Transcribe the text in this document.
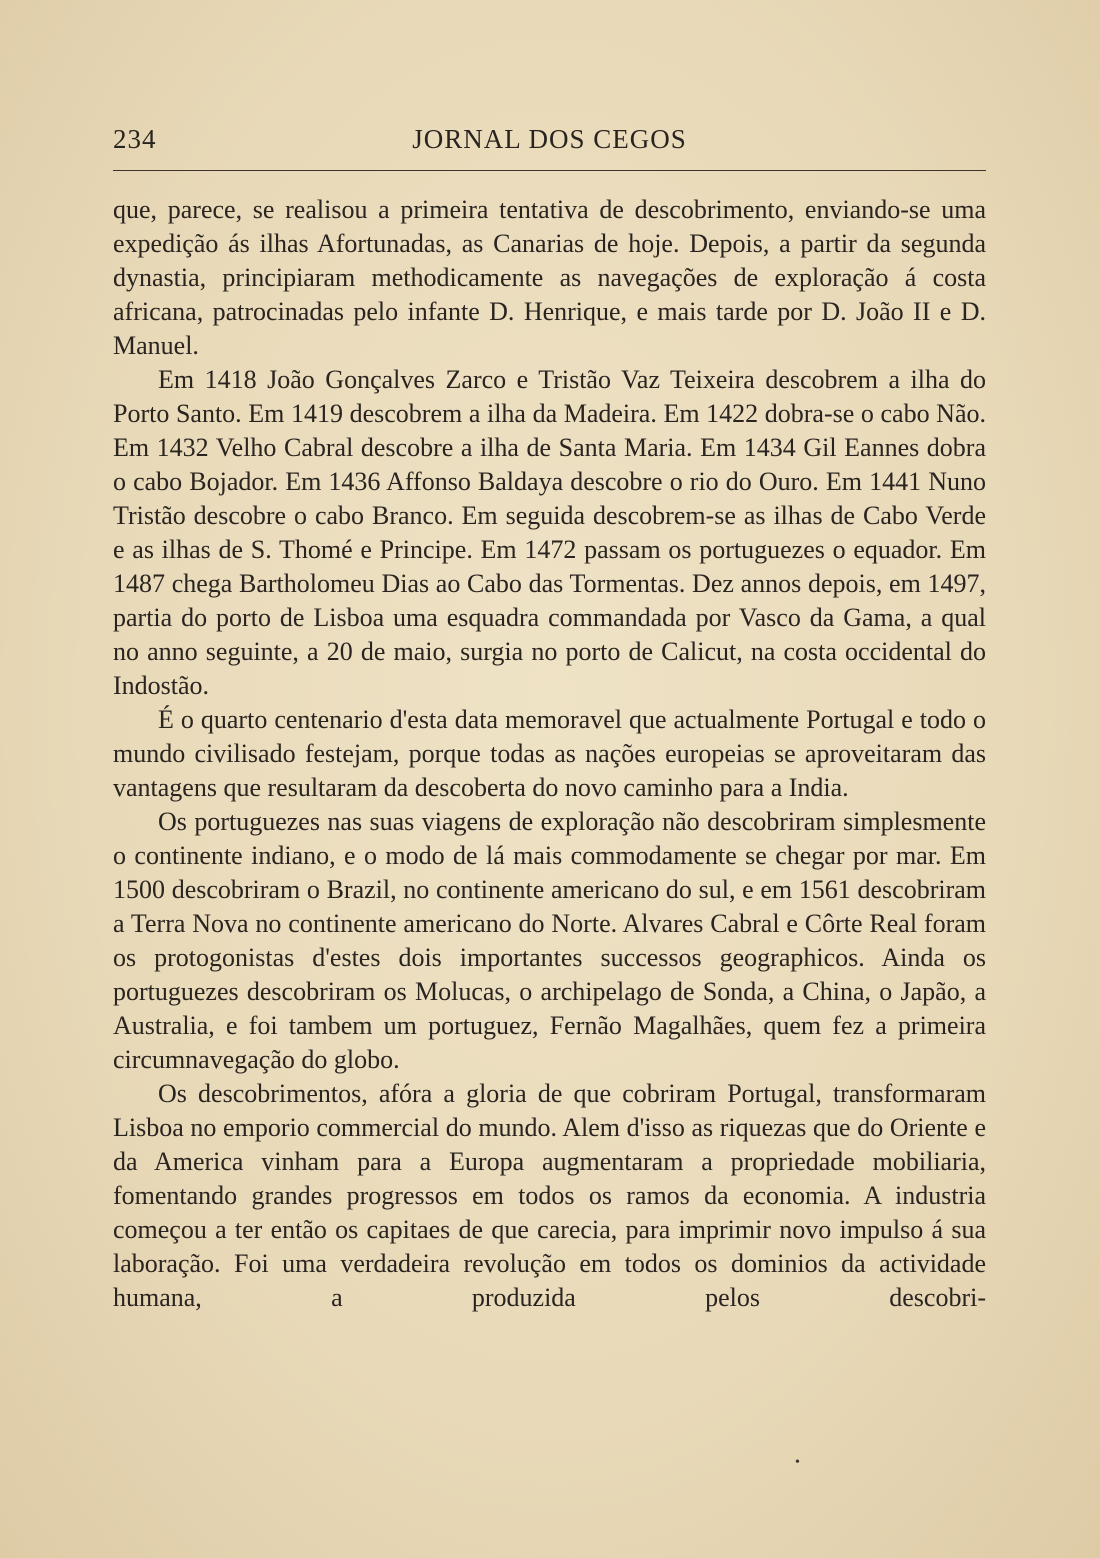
234	JORNAL DOS CEGOS

que, parece, se realisou a primeira tentativa de descobrimento, enviando-se uma expedição ás ilhas Afortunadas, as Canarias de hoje. Depois, a partir da segunda dynastia, principiaram methodicamente as navegações de exploração á costa africana, patrocinadas pelo infante D. Henrique, e mais tarde por D. João II e D. Manuel.

Em 1418 João Gonçalves Zarco e Tristão Vaz Teixeira descobrem a ilha do Porto Santo. Em 1419 descobrem a ilha da Madeira. Em 1422 dobra-se o cabo Não. Em 1432 Velho Cabral descobre a ilha de Santa Maria. Em 1434 Gil Eannes dobra o cabo Bojador. Em 1436 Affonso Baldaya descobre o rio do Ouro. Em 1441 Nuno Tristão descobre o cabo Branco. Em seguida descobrem-se as ilhas de Cabo Verde e as ilhas de S. Thomé e Principe. Em 1472 passam os portuguezes o equador. Em 1487 chega Bartholomeu Dias ao Cabo das Tormentas. Dez annos depois, em 1497, partia do porto de Lisboa uma esquadra commandada por Vasco da Gama, a qual no anno seguinte, a 20 de maio, surgia no porto de Calicut, na costa occidental do Indostão.

É o quarto centenario d'esta data memoravel que actualmente Portugal e todo o mundo civilisado festejam, porque todas as nações europeias se aproveitaram das vantagens que resultaram da descoberta do novo caminho para a India.

Os portuguezes nas suas viagens de exploração não descobriram simplesmente o continente indiano, e o modo de lá mais commodamente se chegar por mar. Em 1500 descobriram o Brazil, no continente americano do sul, e em 1561 descobriram a Terra Nova no continente americano do Norte. Alvares Cabral e Côrte Real foram os protogonistas d'estes dois importantes successos geographicos. Ainda os portuguezes descobriram os Molucas, o archipelago de Sonda, a China, o Japão, a Australia, e foi tambem um portuguez, Fernão Magalhães, quem fez a primeira circumnavegação do globo.

Os descobrimentos, afóra a gloria de que cobriram Portugal, transformaram Lisboa no emporio commercial do mundo. Alem d'isso as riquezas que do Oriente e da America vinham para a Europa augmentaram a propriedade mobiliaria, fomentando grandes progressos em todos os ramos da economia. A industria começou a ter então os capitaes de que carecia, para imprimir novo impulso á sua laboração. Foi uma verdadeira revolução em todos os dominios da actividade humana, a produzida pelos descobri-

•
